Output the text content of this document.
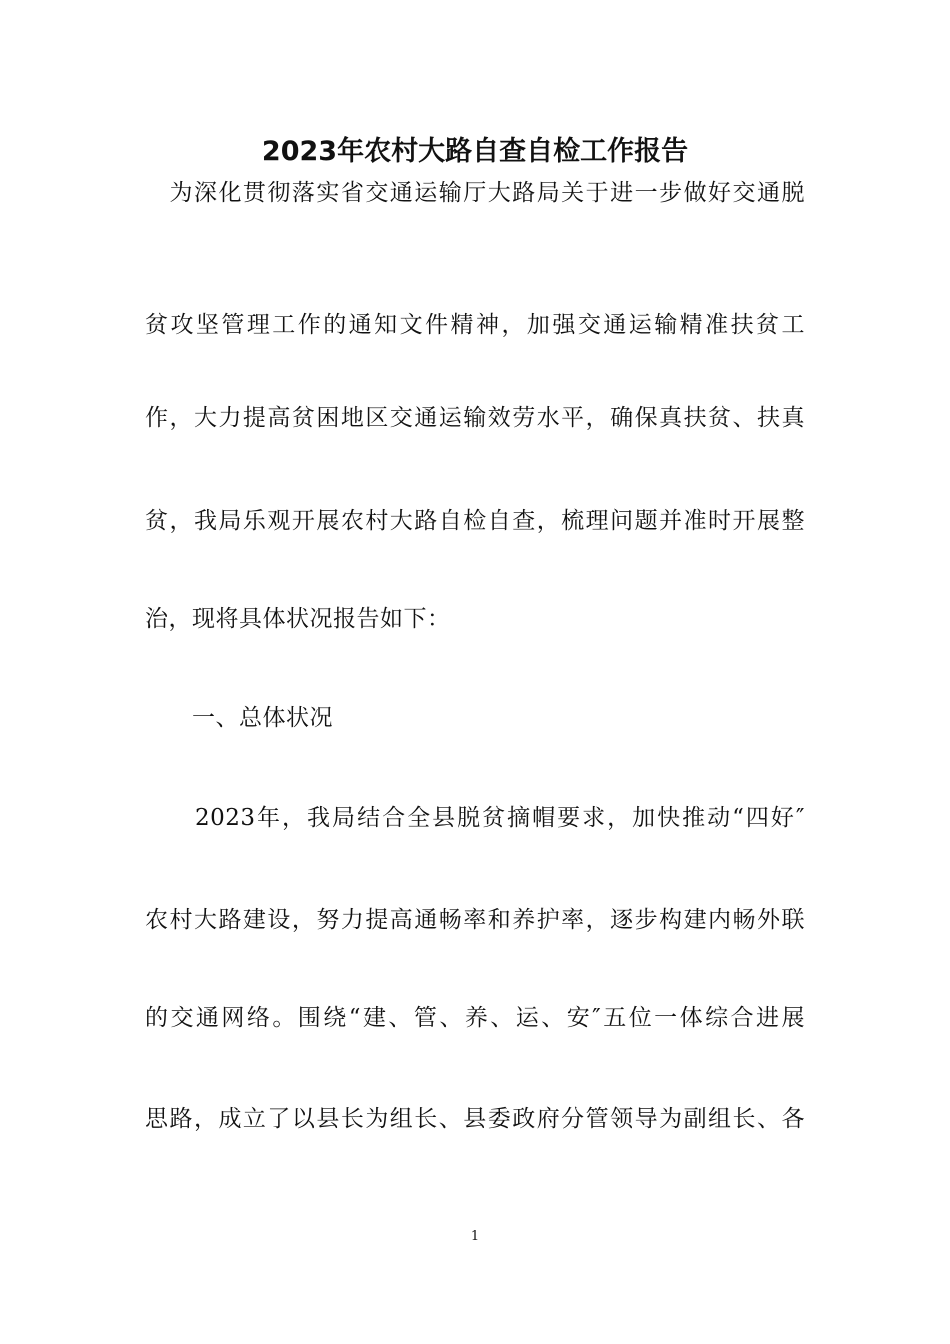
2023年农村大路自查自检工作报告

　为深化贯彻落实省交通运输厅大路局关于进一步做好交通脱

贫攻坚管理工作的通知文件精神，加强交通运输精准扶贫工

作，大力提高贫困地区交通运输效劳水平，确保真扶贫、扶真

贫，我局乐观开展农村大路自检自查，梳理问题并准时开展整

治，现将具体状况报告如下：

　　一、总体状况

　　2023年，我局结合全县脱贫摘帽要求，加快推动“四好″

农村大路建设，努力提高通畅率和养护率，逐步构建内畅外联

的交通网络。围绕“建、管、养、运、安″五位一体综合进展

思路，成立了以县长为组长、县委政府分管领导为副组长、各

1
